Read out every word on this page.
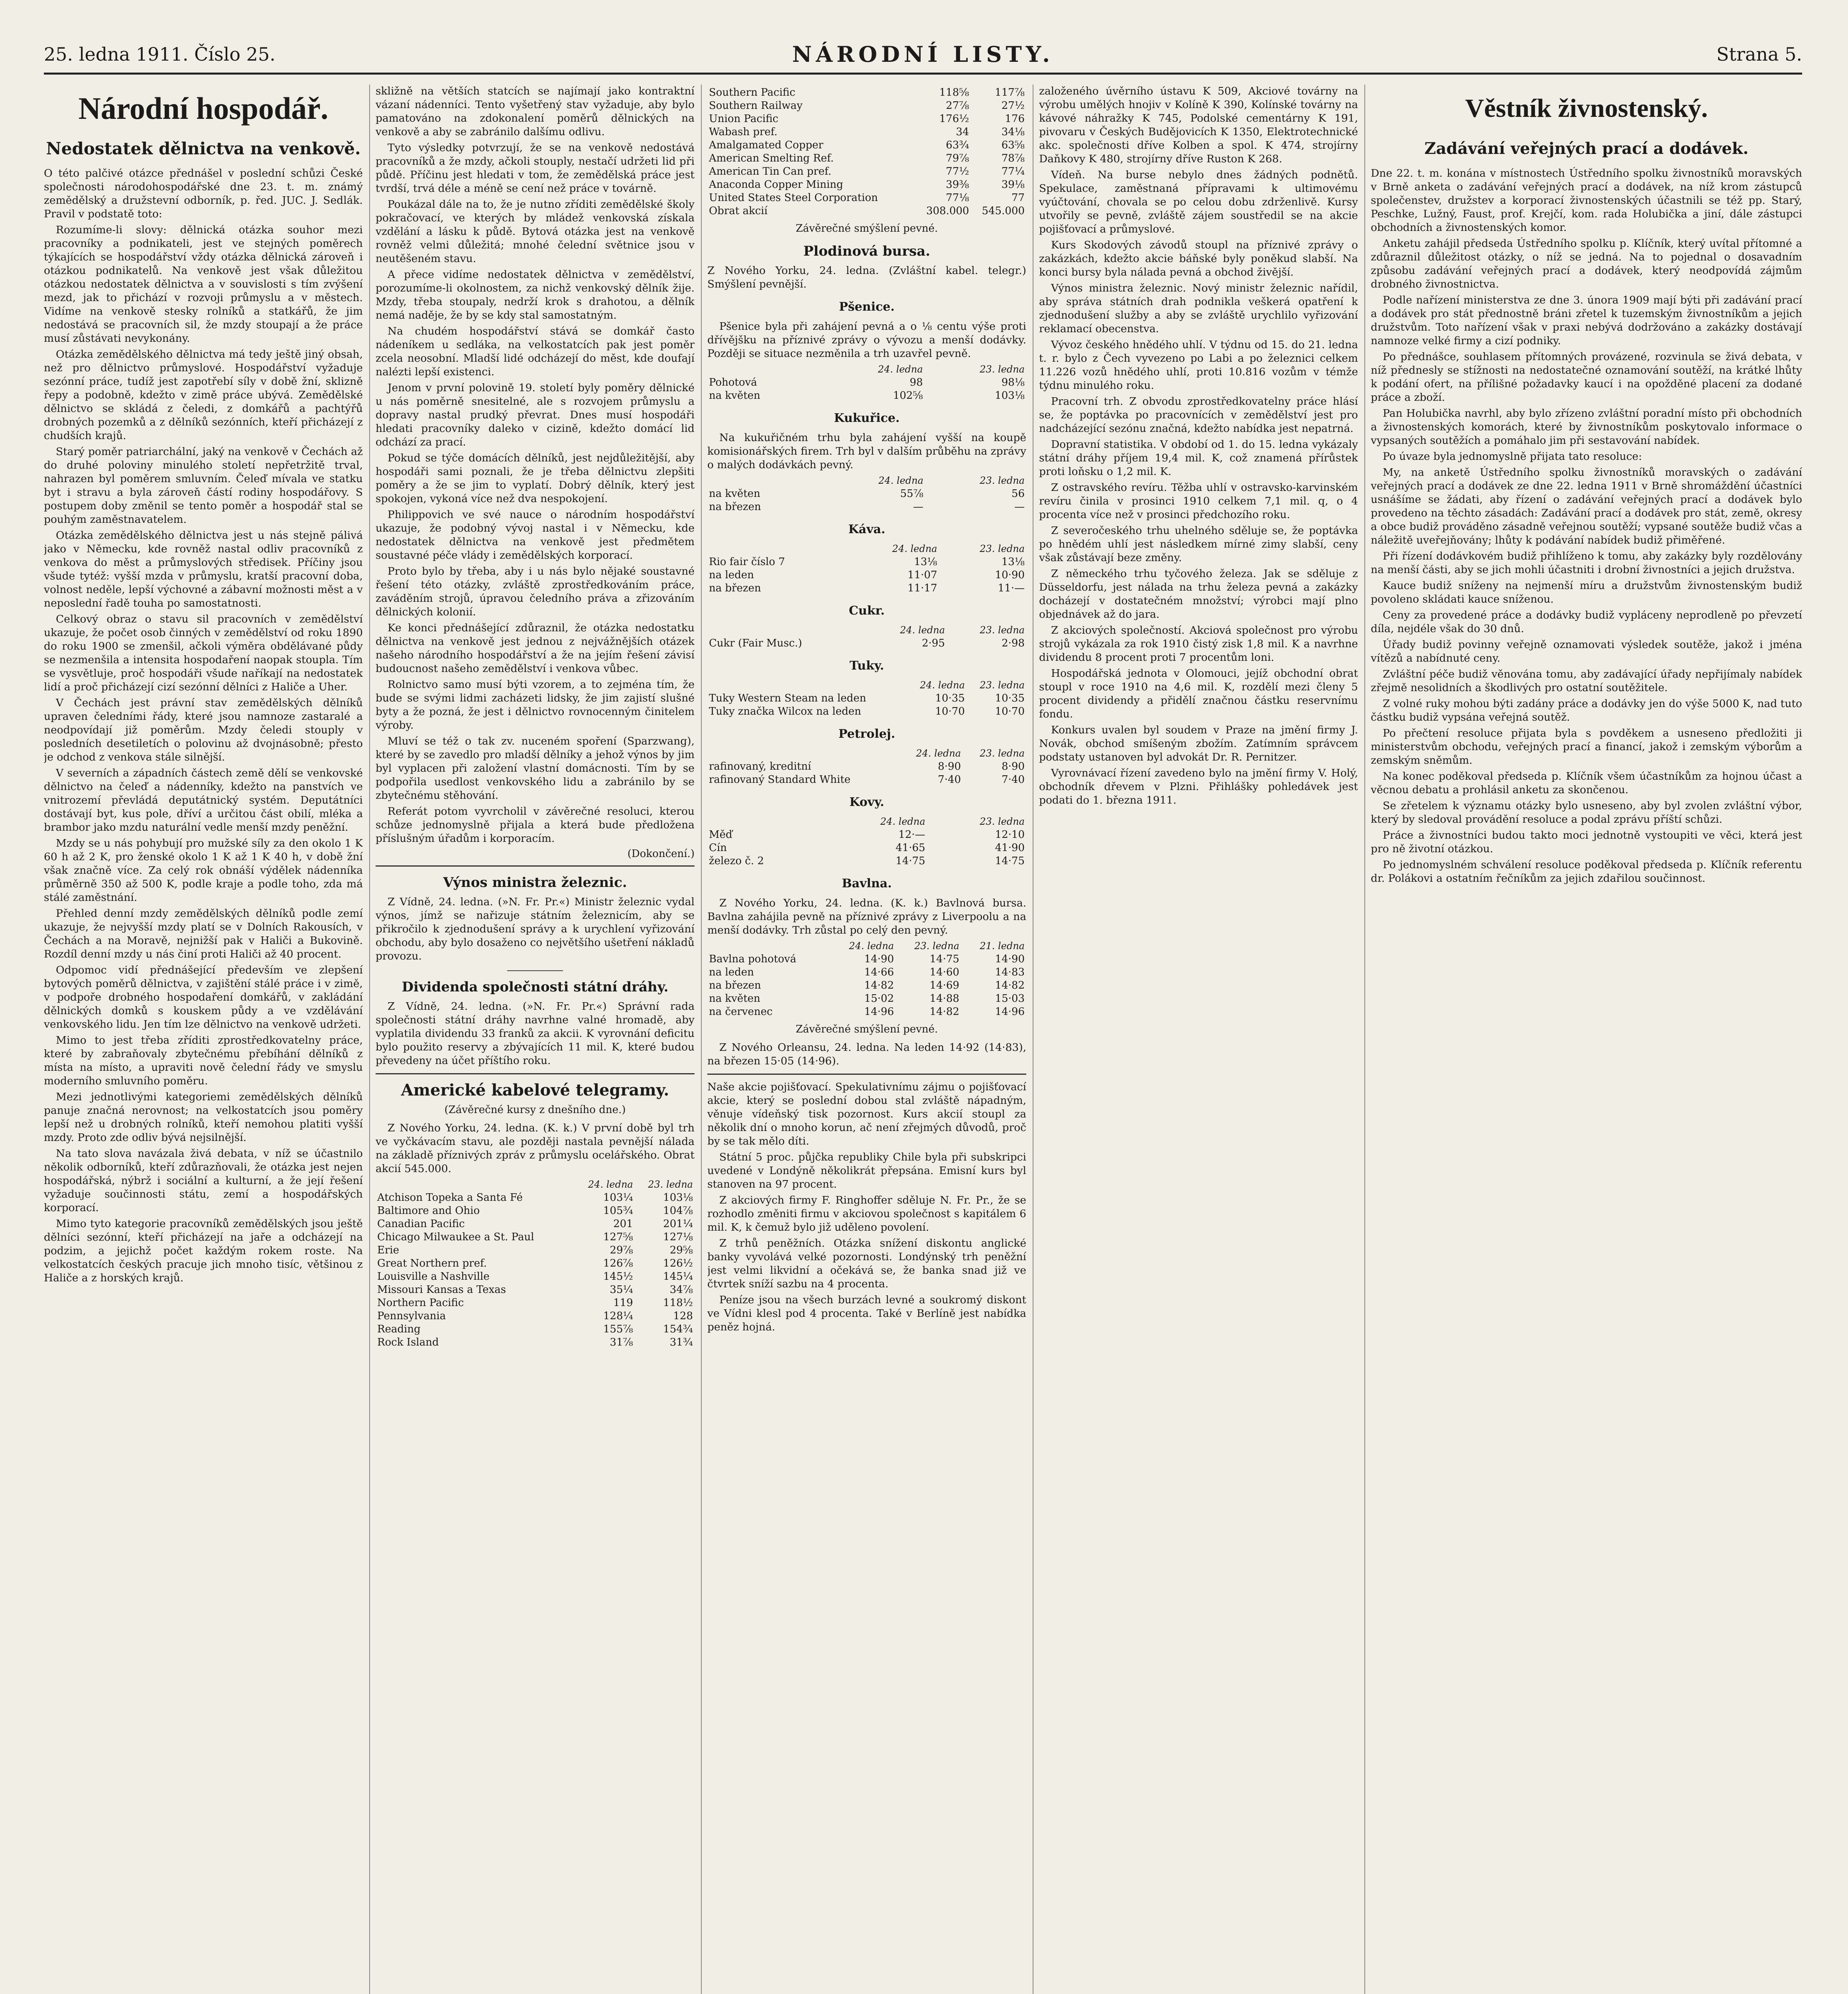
25. ledna 1911. Číslo 25.	NÁRODNÍ LISTY.	Strana 5.
Národní hospodář.
Nedostatek dělnictva na venkově.

O této palčivé otázce přednášel v poslední schůzi České společnosti národohospodářské dne 23. t. m. známý zemědělský a družstevní odborník, p. řed. JUC. J. Sedlák. Pravil v podstatě toto:

Rozumíme-li slovy: dělnická otázka souhor mezi pracovníky a podnikateli, jest ve stejných poměrech týkajících se hospodářství vždy otázka dělnická zároveň i otázkou podnikatelů. Na venkově jest však důležitou otázkou nedostatek dělnictva a v souvislosti s tím zvýšení mezd, jak to přichází v rozvoji průmyslu a v městech. Vidíme na venkově stesky rolníků a statkářů, že jim nedostává se pracovních sil, že mzdy stoupají a že práce musí zůstávati nevykonány.

Otázka zemědělského dělnictva má tedy ještě jiný obsah, než pro dělnictvo průmyslové. Hospodářství vyžaduje sezónní práce, tudíž jest zapotřebí síly v době žní, sklizně řepy a podobně, kdežto v zimě práce ubývá. Zemědělské dělnictvo se skládá z čeledi, z domkářů a pachtýřů drobných pozemků a z dělníků sezónních, kteří přicházejí z chudších krajů.

Starý poměr patriarchální, jaký na venkově v Čechách až do druhé poloviny minulého století nepřetržitě trval, nahrazen byl poměrem smluvním. Čeleď mívala ve statku byt i stravu a byla zároveň částí rodiny hospodářovy. S postupem doby změnil se tento poměr a hospodář stal se pouhým zaměstnavatelem.

Otázka zemědělského dělnictva jest u nás stejně pálivá jako v Německu, kde rovněž nastal odliv pracovníků z venkova do měst a průmyslových středisek. Příčiny jsou všude tytéž: vyšší mzda v průmyslu, kratší pracovní doba, volnost neděle, lepší výchovné a zábavní možnosti měst a v neposlední řadě touha po samostatnosti.

Celkový obraz o stavu sil pracovních v zemědělství ukazuje, že počet osob činných v zemědělství od roku 1890 do roku 1900 se zmenšil, ačkoli výměra obdělávané půdy se nezmenšila a intensita hospodaření naopak stoupla. Tím se vysvětluje, proč hospodáři všude naříkají na nedostatek lidí a proč přicházejí cizí sezónní dělníci z Haliče a Uher.

V Čechách jest právní stav zemědělských dělníků upraven čeledními řády, které jsou namnoze zastaralé a neodpovídají již poměrům. Mzdy čeledi stouply v posledních desetiletích o polovinu až dvojnásobně; přesto je odchod z venkova stále silnější.

V severních a západních částech země dělí se venkovské dělnictvo na čeleď a nádenníky, kdežto na panstvích ve vnitrozemí převládá deputátnický systém. Deputátníci dostávají byt, kus pole, dříví a určitou část obilí, mléka a brambor jako mzdu naturální vedle menší mzdy peněžní.

Mzdy se u nás pohybují pro mužské síly za den okolo 1 K 60 h až 2 K, pro ženské okolo 1 K až 1 K 40 h, v době žní však značně více. Za celý rok obnáší výdělek nádenníka průměrně 350 až 500 K, podle kraje a podle toho, zda má stálé zaměstnání.

Přehled denní mzdy zemědělských dělníků podle zemí ukazuje, že nejvyšší mzdy platí se v Dolních Rakousích, v Čechách a na Moravě, nejnižší pak v Haliči a Bukovině. Rozdíl denní mzdy u nás činí proti Haliči až 40 procent.

Odpomoc vidí přednášející především ve zlepšení bytových poměrů dělnictva, v zajištění stálé práce i v zimě, v podpoře drobného hospodaření domkářů, v zakládání dělnických domků s kouskem půdy a ve vzdělávání venkovského lidu. Jen tím lze dělnictvo na venkově udržeti.

Mimo to jest třeba zříditi zprostředkovatelny práce, které by zabraňovaly zbytečnému přebíhání dělníků z místa na místo, a upraviti nově čelední řády ve smyslu moderního smluvního poměru.

Mezi jednotlivými kategoriemi zemědělských dělníků panuje značná nerovnost; na velkostatcích jsou poměry lepší než u drobných rolníků, kteří nemohou platiti vyšší mzdy. Proto zde odliv bývá nejsilnější.

Na tato slova navázala živá debata, v níž se účastnilo několik odborníků, kteří zdůrazňovali, že otázka jest nejen hospodářská, nýbrž i sociální a kulturní, a že její řešení vyžaduje součinnosti státu, zemí a hospodářských korporací.

Mimo tyto kategorie pracovníků zemědělských jsou ještě dělníci sezónní, kteří přicházejí na jaře a odcházejí na podzim, a jejichž počet každým rokem roste. Na velkostatcích českých pracuje jich mnoho tisíc, většinou z Haliče a z horských krajů.

skližně na větších statcích se najímají jako kontraktní vázaní nádenníci. Tento vyšetřený stav vyžaduje, aby bylo pamatováno na zdokonalení poměrů dělnických na venkově a aby se zabránilo dalšímu odlivu.

Tyto výsledky potvrzují, že se na venkově nedostává pracovníků a že mzdy, ačkoli stouply, nestačí udržeti lid při půdě. Příčinu jest hledati v tom, že zemědělská práce jest tvrdší, trvá déle a méně se cení než práce v továrně.

Poukázal dále na to, že je nutno zříditi zemědělské školy pokračovací, ve kterých by mládež venkovská získala vzdělání a lásku k půdě. Bytová otázka jest na venkově rovněž velmi důležitá; mnohé čelední světnice jsou v neutěšeném stavu.

A přece vidíme nedostatek dělnictva v zemědělství, porozumíme-li okolnostem, za nichž venkovský dělník žije. Mzdy, třeba stoupaly, nedrží krok s drahotou, a dělník nemá naděje, že by se kdy stal samostatným.

Na chudém hospodářství stává se domkář často nádeníkem u sedláka, na velkostatcích pak jest poměr zcela neosobní. Mladší lidé odcházejí do měst, kde doufají nalézti lepší existenci.

Jenom v první polovině 19. století byly poměry dělnické u nás poměrně snesitelné, ale s rozvojem průmyslu a dopravy nastal prudký převrat. Dnes musí hospodáři hledati pracovníky daleko v cizině, kdežto domácí lid odchází za prací.

Pokud se týče domácích dělníků, jest nejdůležitější, aby hospodáři sami poznali, že je třeba dělnictvu zlepšiti poměry a že se jim to vyplatí. Dobrý dělník, který jest spokojen, vykoná více než dva nespokojení.

Philippovich ve své nauce o národním hospodářství ukazuje, že podobný vývoj nastal i v Německu, kde nedostatek dělnictva na venkově jest předmětem soustavné péče vlády i zemědělských korporací.

Proto bylo by třeba, aby i u nás bylo nějaké soustavné řešení této otázky, zvláště zprostředkováním práce, zaváděním strojů, úpravou čeledního práva a zřizováním dělnických kolonií.

Ke konci přednášející zdůraznil, že otázka nedostatku dělnictva na venkově jest jednou z nejvážnějších otázek našeho národního hospodářství a že na jejím řešení závisí budoucnost našeho zemědělství i venkova vůbec.

Rolnictvo samo musí býti vzorem, a to zejména tím, že bude se svými lidmi zacházeti lidsky, že jim zajistí slušné byty a že pozná, že jest i dělnictvo rovnocenným činitelem výroby.

Mluví se též o tak zv. nuceném spoření (Sparzwang), které by se zavedlo pro mladší dělníky a jehož výnos by jim byl vyplacen při založení vlastní domácnosti. Tím by se podpořila usedlost venkovského lidu a zabránilo by se zbytečnému stěhování.

Referát potom vyvrcholil v závěrečné resoluci, kterou schůze jednomyslně přijala a která bude předložena příslušným úřadům i korporacím.

(Dokončení.)
Výnos ministra železnic.

Z Vídně, 24. ledna. (»N. Fr. Pr.«) Ministr železnic vydal výnos, jímž se nařizuje státním železnicím, aby se přikročilo k zjednodušení správy a k urychlení vyřizování obchodu, aby bylo dosaženo co největšího ušetření nákladů provozu.

Dividenda společnosti státní dráhy.

Z Vídně, 24. ledna. (»N. Fr. Pr.«) Správní rada společnosti státní dráhy navrhne valné hromadě, aby vyplatila dividendu 33 franků za akcii. K vyrovnání deficitu bylo použito reservy a zbývajících 11 mil. K, které budou převedeny na účet příštího roku.

Americké kabelové telegramy.
(Závěrečné kursy z dnešního dne.)

Z Nového Yorku, 24. ledna. (K. k.) V první době byl trh ve vyčkávacím stavu, ale později nastala pevnější nálada na základě příznivých zpráv z průmyslu ocelářského. Obrat akcií 545.000.

	24. ledna	23. ledna
Atchison Topeka a Santa Fé	103¼	103⅛
Baltimore and Ohio	105¾	104⅞
Canadian Pacific	201	201¼
Chicago Milwaukee a St. Paul	127⅝	127⅛
Erie	29⅞	29⅝
Great Northern pref.	126⅞	126½
Louisville a Nashville	145½	145¼
Missouri Kansas a Texas	35¼	34⅞
Northern Pacific	119	118½
Pennsylvania	128¼	128
Reading	155⅞	154¾
Rock Island	31⅞	31¾
Southern Pacific	118⅝	117⅞
Southern Railway	27⅞	27½
Union Pacific	176½	176
Wabash pref.	34	34⅛
Amalgamated Copper	63¾	63⅝
American Smelting Ref.	79⅞	78⅞
American Tin Can pref.	77½	77¼
Anaconda Copper Mining	39⅜	39⅛
United States Steel Corporation	77⅛	77
Obrat akcií	308.000	545.000
Závěrečné smýšlení pevné.
Plodinová bursa.

Z Nového Yorku, 24. ledna. (Zvláštní kabel. telegr.) Smýšlení pevnější.

Pšenice.

Pšenice byla při zahájení pevná a o ⅛ centu výše proti dřívějšku na příznivé zprávy o vývozu a menší dodávky. Později se situace nezměnila a trh uzavřel pevně.

	24. ledna	23. ledna
Pohotová	98	98⅛
na květen	102⅝	103⅛
Kukuřice.

Na kukuřičném trhu byla zahájení vyšší na koupě komisionářských firem. Trh byl v dalším průběhu na zprávy o malých dodávkách pevný.

	24. ledna	23. ledna
na květen	55⅞	56
na březen	—	—
Káva.
	24. ledna	23. ledna
Rio fair číslo 7	13⅛	13⅛
na leden	11·07	10·90
na březen	11·17	11·—
Cukr.
	24. ledna	23. ledna
Cukr (Fair Musc.)	2·95	2·98
Tuky.
	24. ledna	23. ledna
Tuky Western Steam na leden	10·35	10·35
Tuky značka Wilcox na leden	10·70	10·70
Petrolej.
	24. ledna	23. ledna
rafinovaný, kreditní	8·90	8·90
rafinovaný Standard White	7·40	7·40
Kovy.
	24. ledna	23. ledna
Měď	12·—	12·10
Cín	41·65	41·90
železo č. 2	14·75	14·75
Bavlna.

Z Nového Yorku, 24. ledna. (K. k.) Bavlnová bursa. Bavlna zahájila pevně na příznivé zprávy z Liverpoolu a na menší dodávky. Trh zůstal po celý den pevný.

	24. ledna	23. ledna	21. ledna
Bavlna pohotová	14·90	14·75	14·90
na leden	14·66	14·60	14·83
na březen	14·82	14·69	14·82
na květen	15·02	14·88	15·03
na červenec	14·96	14·82	14·96
Závěrečné smýšlení pevné.

Z Nového Orleansu, 24. ledna. Na leden 14·92 (14·83), na březen 15·05 (14·96).

Naše akcie pojišťovací. Spekulativnímu zájmu o pojišťovací akcie, který se poslední dobou stal zvláště nápadným, věnuje vídeňský tisk pozornost. Kurs akcií stoupl za několik dní o mnoho korun, ač není zřejmých důvodů, proč by se tak mělo díti.

Státní 5 proc. půjčka republiky Chile byla při subskripci uvedené v Londýně několikrát přepsána. Emisní kurs byl stanoven na 97 procent.

Z akciových firmy F. Ringhoffer sděluje N. Fr. Pr., že se rozhodlo změniti firmu v akciovou společnost s kapitálem 6 mil. K, k čemuž bylo již uděleno povolení.

Z trhů peněžních. Otázka snížení diskontu anglické banky vyvolává velké pozornosti. Londýnský trh peněžní jest velmi likvidní a očekává se, že banka snad již ve čtvrtek sníží sazbu na 4 procenta.

Peníze jsou na všech burzách levné a soukromý diskont ve Vídni klesl pod 4 procenta. Také v Berlíně jest nabídka peněz hojná.

založeného úvěrního ústavu K 509, Akciové továrny na výrobu umělých hnojiv v Kolíně K 390, Kolínské továrny na kávové náhražky K 745, Podolské cementárny K 191, pivovaru v Českých Budějovicích K 1350, Elektrotechnické akc. společnosti dříve Kolben a spol. K 474, strojírny Daňkovy K 480, strojírny dříve Ruston K 268.

Vídeň. Na burse nebylo dnes žádných podnětů. Spekulace, zaměstnaná přípravami k ultimovému vyúčtování, chovala se po celou dobu zdrženlivě. Kursy utvořily se pevně, zvláště zájem soustředil se na akcie pojišťovací a průmyslové.

Kurs Skodových závodů stoupl na příznivé zprávy o zakázkách, kdežto akcie báňské byly poněkud slabší. Na konci bursy byla nálada pevná a obchod živější.

Výnos ministra železnic. Nový ministr železnic nařídil, aby správa státních drah podnikla veškerá opatření k zjednodušení služby a aby se zvláště urychlilo vyřizování reklamací obecenstva.

Vývoz českého hnědého uhlí. V týdnu od 15. do 21. ledna t. r. bylo z Čech vyvezeno po Labi a po železnici celkem 11.226 vozů hnědého uhlí, proti 10.816 vozům v témže týdnu minulého roku.

Pracovní trh. Z obvodu zprostředkovatelny práce hlásí se, že poptávka po pracovnících v zemědělství jest pro nadcházející sezónu značná, kdežto nabídka jest nepatrná.

Dopravní statistika. V období od 1. do 15. ledna vykázaly státní dráhy příjem 19,4 mil. K, což znamená přírůstek proti loňsku o 1,2 mil. K.

Z ostravského revíru. Těžba uhlí v ostravsko-karvinském revíru činila v prosinci 1910 celkem 7,1 mil. q, o 4 procenta více než v prosinci předchozího roku.

Z severočeského trhu uhelného sděluje se, že poptávka po hnědém uhlí jest následkem mírné zimy slabší, ceny však zůstávají beze změny.

Z německého trhu tyčového železa. Jak se sděluje z Düsseldorfu, jest nálada na trhu železa pevná a zakázky docházejí v dostatečném množství; výrobci mají plno objednávek až do jara.

Z akciových společností. Akciová společnost pro výrobu strojů vykázala za rok 1910 čistý zisk 1,8 mil. K a navrhne dividendu 8 procent proti 7 procentům loni.

Hospodářská jednota v Olomouci, jejíž obchodní obrat stoupl v roce 1910 na 4,6 mil. K, rozdělí mezi členy 5 procent dividendy a přidělí značnou částku reservnímu fondu.

Konkurs uvalen byl soudem v Praze na jmění firmy J. Novák, obchod smíšeným zbožím. Zatímním správcem podstaty ustanoven byl advokát Dr. R. Pernitzer.

Vyrovnávací řízení zavedeno bylo na jmění firmy V. Holý, obchodník dřevem v Plzni. Přihlášky pohledávek jest podati do 1. března 1911.

Věstník živnostenský.
Zadávání veřejných prací a dodávek.

Dne 22. t. m. konána v místnostech Ústředního spolku živnostníků moravských v Brně anketa o zadávání veřejných prací a dodávek, na níž krom zástupců společenstev, družstev a korporací živnostenských účastnili se též pp. Starý, Peschke, Lužný, Faust, prof. Krejčí, kom. rada Holubička a jiní, dále zástupci obchodních a živnostenských komor.

Anketu zahájil předseda Ústředního spolku p. Klíčník, který uvítal přítomné a zdůraznil důležitost otázky, o níž se jedná. Na to pojednal o dosavadním způsobu zadávání veřejných prací a dodávek, který neodpovídá zájmům drobného živnostnictva.

Podle nařízení ministerstva ze dne 3. února 1909 mají býti při zadávání prací a dodávek pro stát přednostně bráni zřetel k tuzemským živnostníkům a jejich družstvům. Toto nařízení však v praxi nebývá dodržováno a zakázky dostávají namnoze velké firmy a cizí podniky.

Po přednášce, souhlasem přítomných provázené, rozvinula se živá debata, v níž přednesly se stížnosti na nedostatečné oznamování soutěží, na krátké lhůty k podání ofert, na přílišné požadavky kaucí i na opožděné placení za dodané práce a zboží.

Pan Holubička navrhl, aby bylo zřízeno zvláštní poradní místo při obchodních a živnostenských komorách, které by živnostníkům poskytovalo informace o vypsaných soutěžích a pomáhalo jim při sestavování nabídek.

Po úvaze byla jednomyslně přijata tato resoluce:

My, na anketě Ústředního spolku živnostníků moravských o zadávání veřejných prací a dodávek ze dne 22. ledna 1911 v Brně shromáždění účastníci usnášíme se žádati, aby řízení o zadávání veřejných prací a dodávek bylo provedeno na těchto zásadách: Zadávání prací a dodávek pro stát, země, okresy a obce budiž prováděno zásadně veřejnou soutěží; vypsané soutěže budiž včas a náležitě uveřejňovány; lhůty k podávání nabídek budiž přiměřené.

Při řízení dodávkovém budiž přihlíženo k tomu, aby zakázky byly rozdělovány na menší části, aby se jich mohli účastniti i drobní živnostníci a jejich družstva.

Kauce budiž sníženy na nejmenší míru a družstvům živnostenským budiž povoleno skládati kauce sníženou.

Ceny za provedené práce a dodávky budiž vypláceny neprodleně po převzetí díla, nejdéle však do 30 dnů.

Úřady budiž povinny veřejně oznamovati výsledek soutěže, jakož i jména vítězů a nabídnuté ceny.

Zvláštní péče budiž věnována tomu, aby zadávající úřady nepřijímaly nabídek zřejmě nesolidních a škodlivých pro ostatní soutěžitele.

Z volné ruky mohou býti zadány práce a dodávky jen do výše 5000 K, nad tuto částku budiž vypsána veřejná soutěž.

Po přečtení resoluce přijata byla s povděkem a usneseno předložiti ji ministerstvům obchodu, veřejných prací a financí, jakož i zemským výborům a zemským sněmům.

Na konec poděkoval předseda p. Klíčník všem účastníkům za hojnou účast a věcnou debatu a prohlásil anketu za skončenou.

Se zřetelem k významu otázky bylo usneseno, aby byl zvolen zvláštní výbor, který by sledoval provádění resoluce a podal zprávu příští schůzi.

Práce a živnostníci budou takto moci jednotně vystoupiti ve věci, která jest pro ně životní otázkou.

Po jednomyslném schválení resoluce poděkoval předseda p. Klíčník referentu dr. Polákovi a ostatním řečníkům za jejich zdařilou součinnost.
